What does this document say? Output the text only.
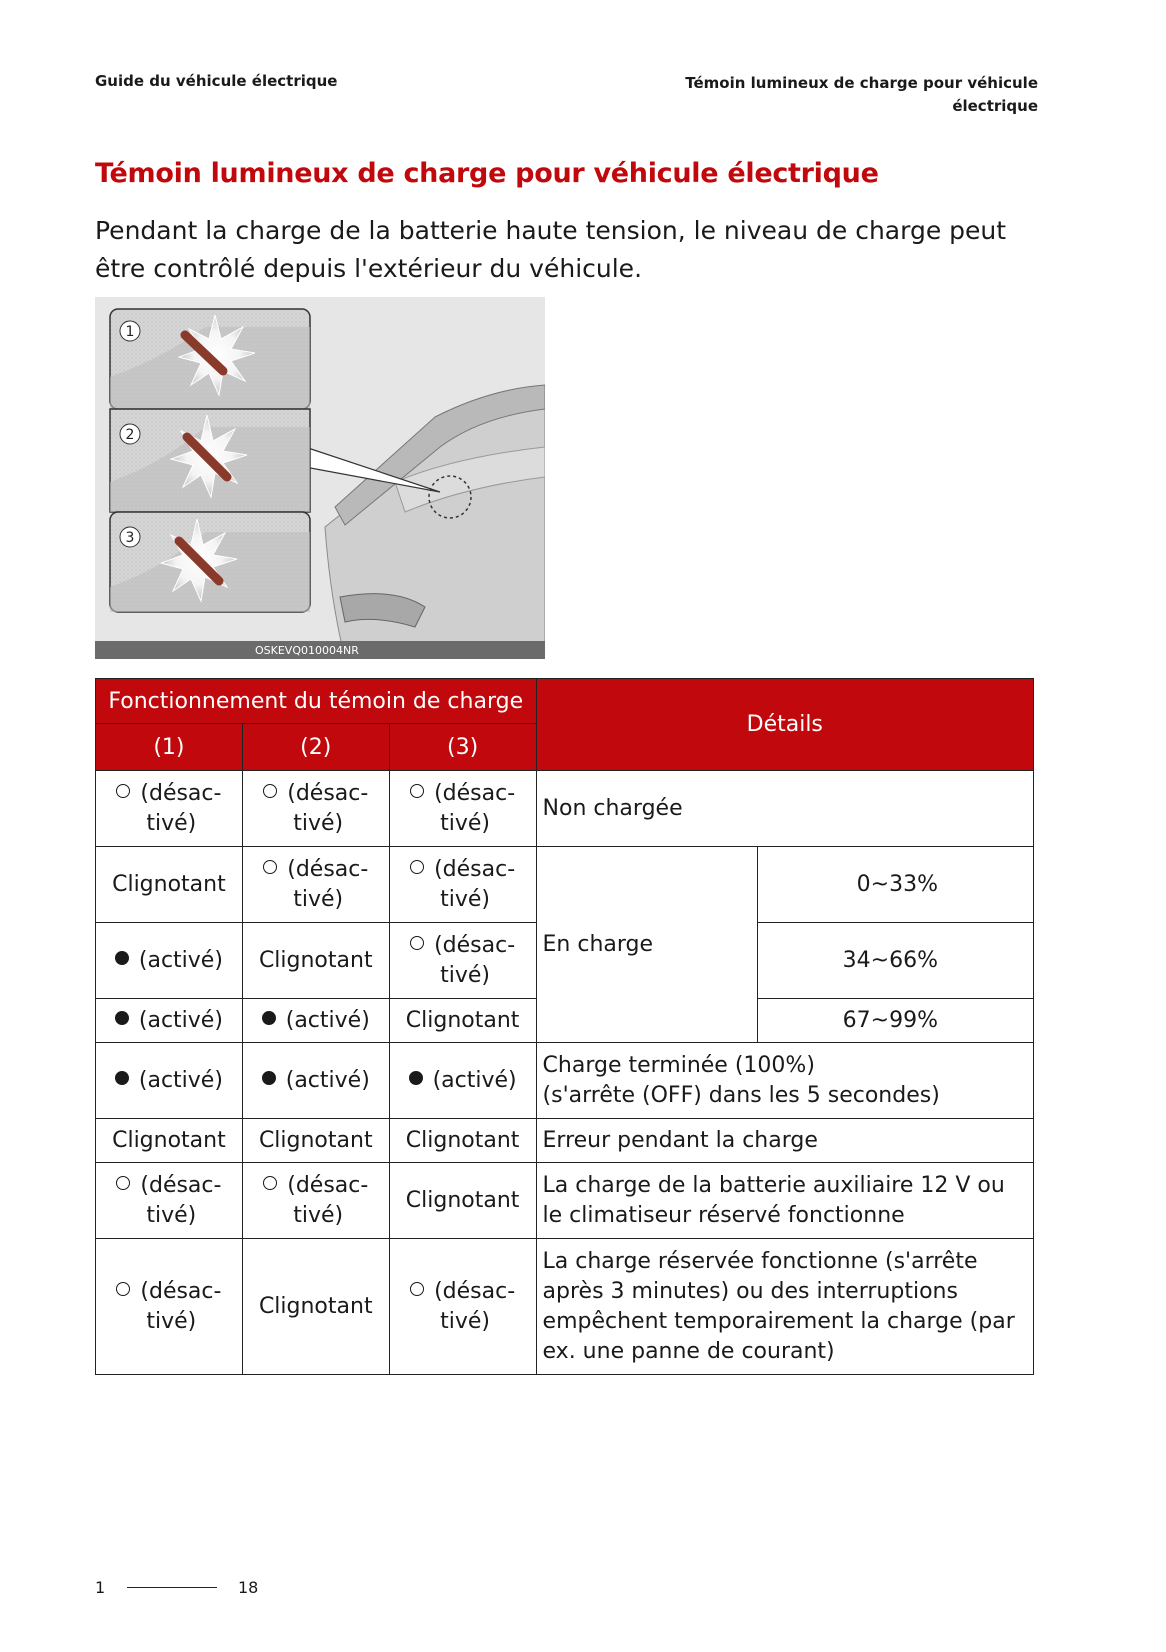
Guide du véhicule électrique	Témoin lumineux de charge pour véhicule électrique
Témoin lumineux de charge pour véhicule électrique

Pendant la charge de la batterie haute tension, le niveau de charge peut être contrôlé depuis l'extérieur du véhicule.

1
2
3
OSKEVQ010004NR
Fonctionnement du témoin de charge			Détails	
(1)	(2)	(3)		
(désac-
tivé)	(désac-
tivé)	(désac-
tivé)	Non chargée	
Clignotant	(désac-
tivé)	(désac-
tivé)	En charge	0~33%
(activé)	Clignotant	(désac-
tivé)		34~66%
(activé)	(activé)	Clignotant		67~99%
(activé)	(activé)	(activé)	Charge terminée (100%)
(s'arrête (OFF) dans les 5 secondes)	
Clignotant	Clignotant	Clignotant	Erreur pendant la charge	
(désac-
tivé)	(désac-
tivé)	Clignotant	La charge de la batterie auxiliaire 12 V ou le climatiseur réservé fonctionne	
(désac-
tivé)	Clignotant	(désac-
tivé)	La charge réservée fonctionne (s'arrête après 3 minutes) ou des interruptions empêchent temporairement la charge (par ex. une panne de courant)	
1	18
